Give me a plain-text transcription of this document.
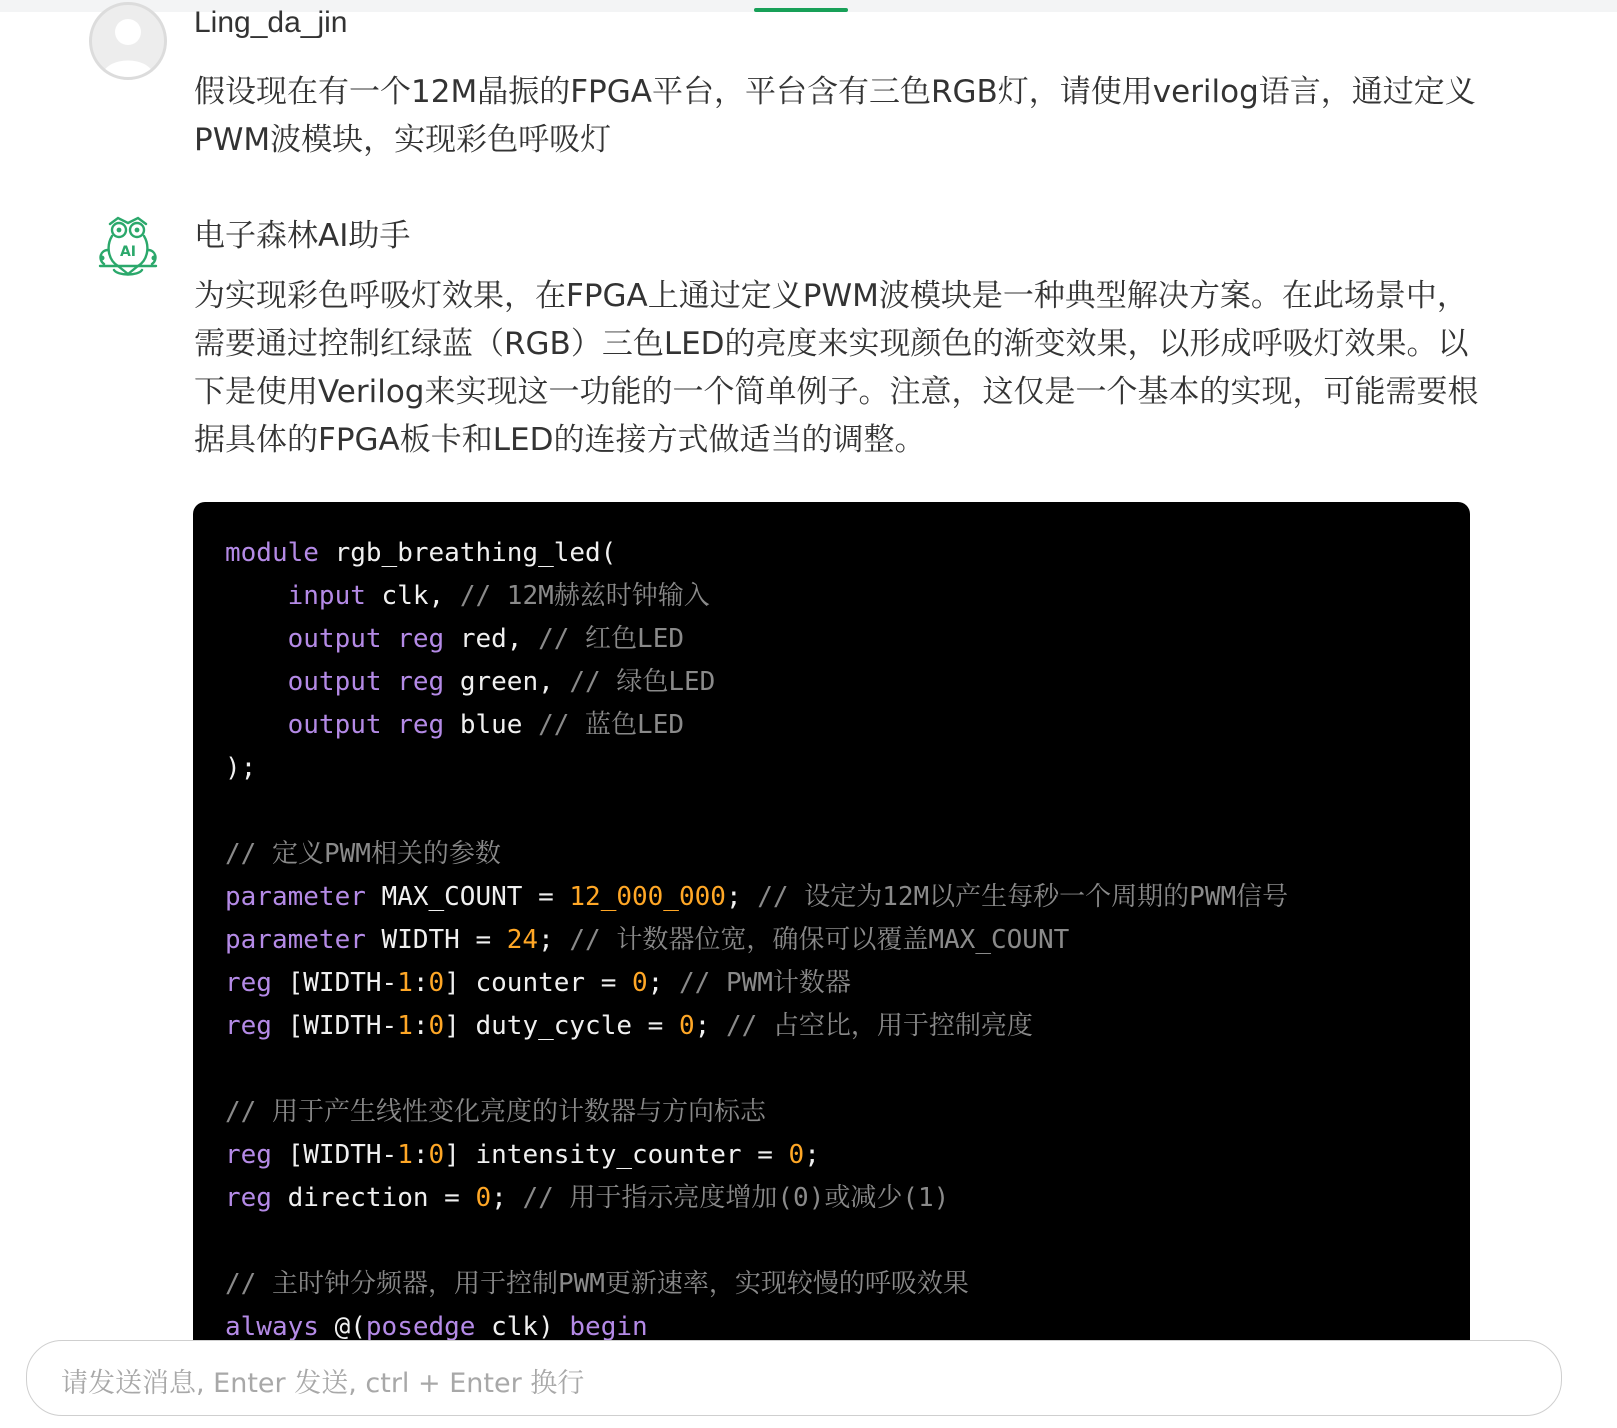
Ling_da_jin
假设现在有一个12M晶振的FPGA平台，平台含有三色RGB灯，请使用verilog语言，通过定义PWM波模块，实现彩色呼吸灯
AI 电子森林AI助手
为实现彩色呼吸灯效果，在FPGA上通过定义PWM波模块是一种典型解决方案。在此场景中，需要通过控制红绿蓝（RGB）三色LED的亮度来实现颜色的渐变效果，以形成呼吸灯效果。以下是使用Verilog来实现这一功能的一个简单例子。注意，这仅是一个基本的实现，可能需要根据具体的FPGA板卡和LED的连接方式做适当的调整。
module rgb_breathing_led(
input clk, // 12M赫兹时钟输入
output reg red, // 红色LED
output reg green, // 绿色LED
output reg blue // 蓝色LED
);
// 定义PWM相关的参数
parameter MAX_COUNT = 12_000_000; // 设定为12M以产生每秒一个周期的PWM信号
parameter WIDTH = 24; // 计数器位宽，确保可以覆盖MAX_COUNT
reg [WIDTH-1:0] counter = 0; // PWM计数器
reg [WIDTH-1:0] duty_cycle = 0; // 占空比，用于控制亮度
// 用于产生线性变化亮度的计数器与方向标志
reg [WIDTH-1:0] intensity_counter = 0;
reg direction = 0; // 用于指示亮度增加(0)或减少(1)
// 主时钟分频器，用于控制PWM更新速率，实现较慢的呼吸效果
always @(posedge clk) begin
请发送消息, Enter 发送, ctrl + Enter 换行
